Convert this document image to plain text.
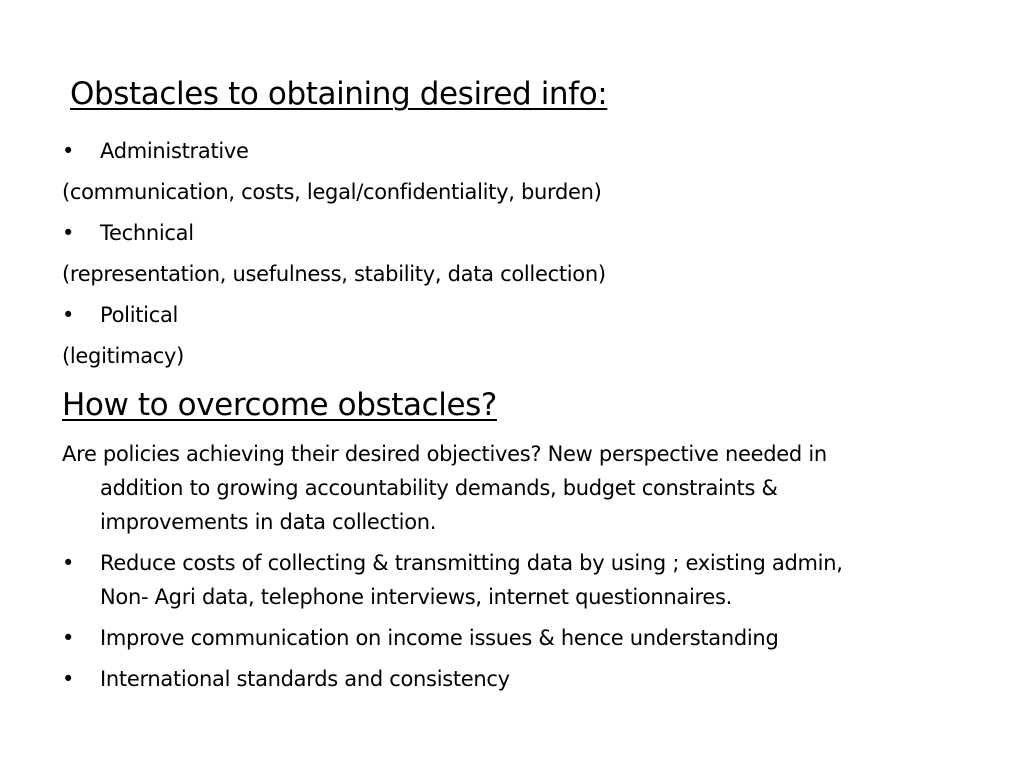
Obstacles to obtaining desired info:
• Administrative
(communication, costs, legal/confidentiality, burden)
• Technical
(representation, usefulness, stability, data collection)
• Political
(legitimacy)
How to overcome obstacles?
Are policies achieving their desired objectives? New perspective needed in
addition to growing accountability demands, budget constraints &
improvements in data collection.
• Reduce costs of collecting & transmitting data by using ; existing admin,
Non- Agri data, telephone interviews, internet questionnaires.
• Improve communication on income issues & hence understanding
• International standards and consistency
